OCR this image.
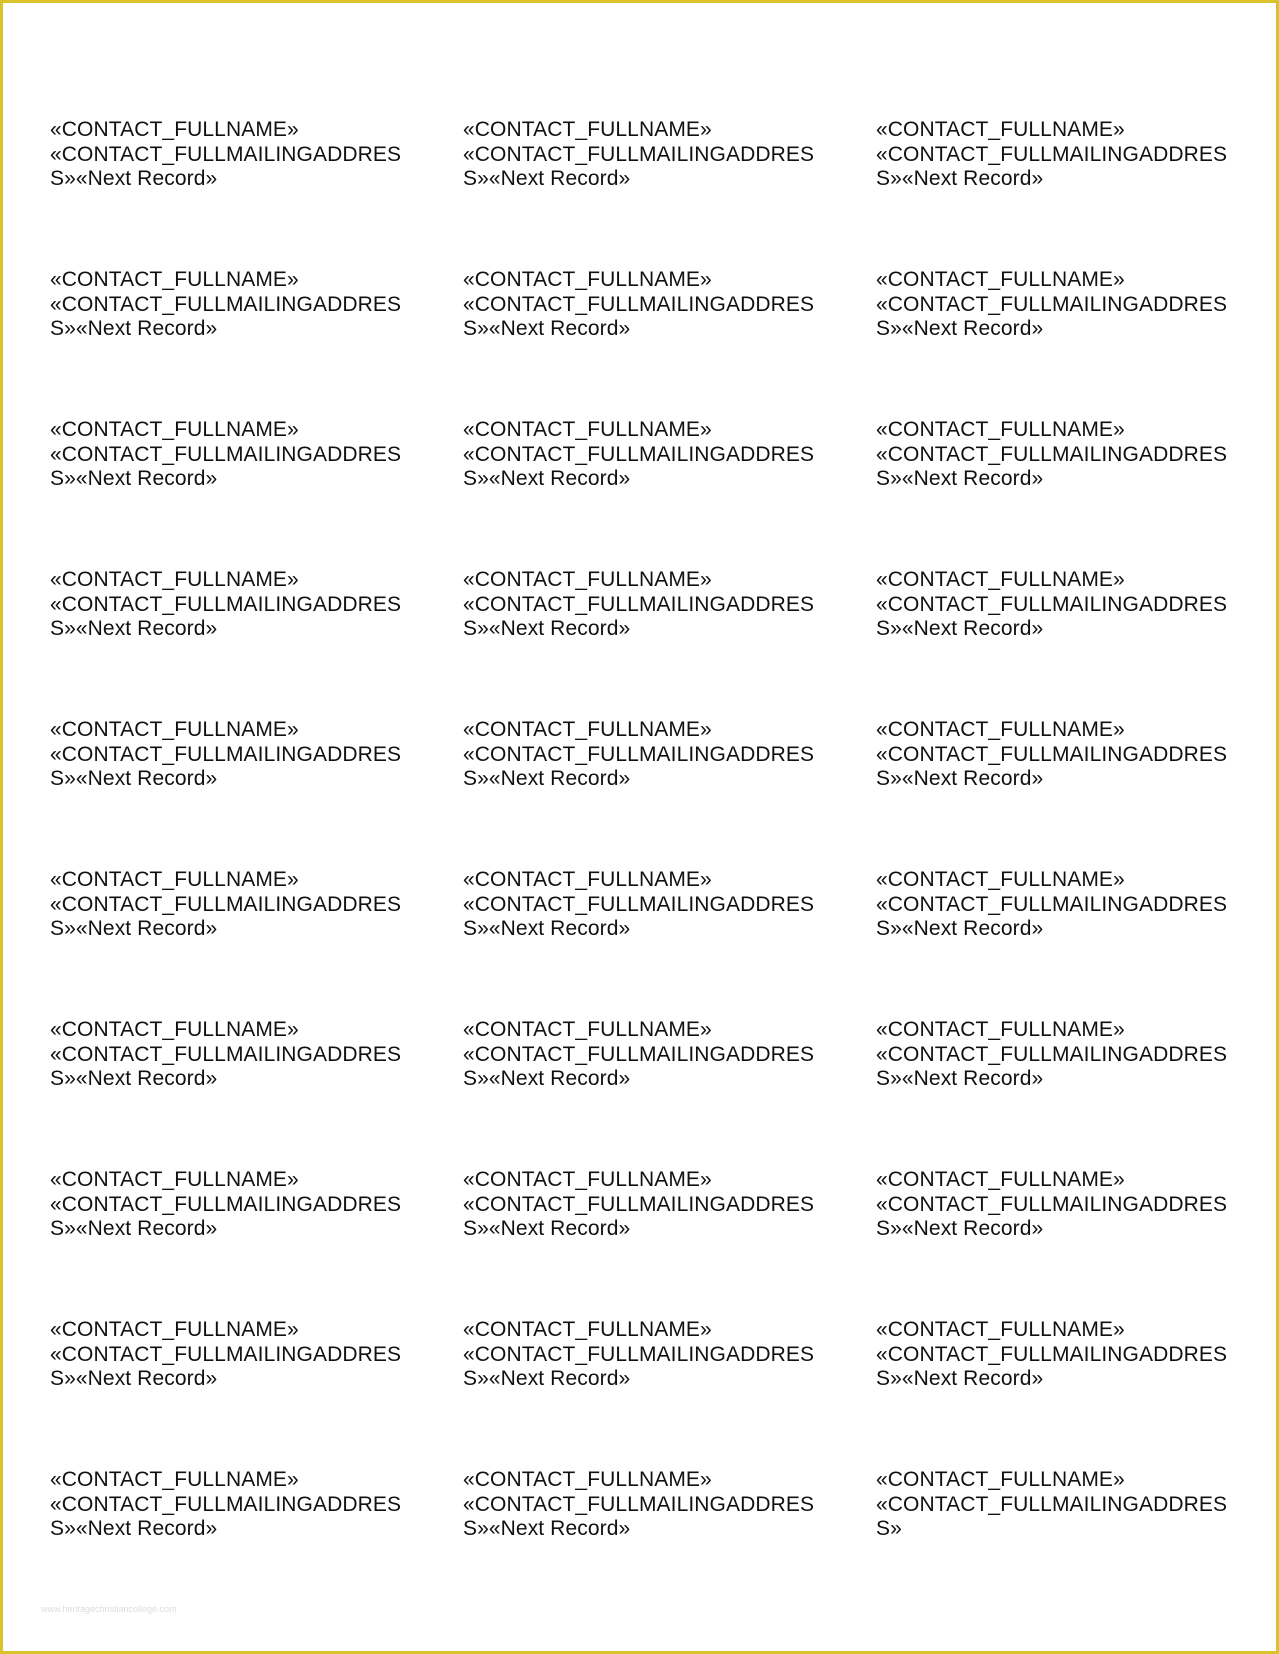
«CONTACT_FULLNAME»
«CONTACT_FULLMAILINGADDRES
S»«Next Record»
«CONTACT_FULLNAME»
«CONTACT_FULLMAILINGADDRES
S»«Next Record»
«CONTACT_FULLNAME»
«CONTACT_FULLMAILINGADDRES
S»«Next Record»
«CONTACT_FULLNAME»
«CONTACT_FULLMAILINGADDRES
S»«Next Record»
«CONTACT_FULLNAME»
«CONTACT_FULLMAILINGADDRES
S»«Next Record»
«CONTACT_FULLNAME»
«CONTACT_FULLMAILINGADDRES
S»«Next Record»
«CONTACT_FULLNAME»
«CONTACT_FULLMAILINGADDRES
S»«Next Record»
«CONTACT_FULLNAME»
«CONTACT_FULLMAILINGADDRES
S»«Next Record»
«CONTACT_FULLNAME»
«CONTACT_FULLMAILINGADDRES
S»«Next Record»
«CONTACT_FULLNAME»
«CONTACT_FULLMAILINGADDRES
S»«Next Record»
«CONTACT_FULLNAME»
«CONTACT_FULLMAILINGADDRES
S»«Next Record»
«CONTACT_FULLNAME»
«CONTACT_FULLMAILINGADDRES
S»«Next Record»
«CONTACT_FULLNAME»
«CONTACT_FULLMAILINGADDRES
S»«Next Record»
«CONTACT_FULLNAME»
«CONTACT_FULLMAILINGADDRES
S»«Next Record»
«CONTACT_FULLNAME»
«CONTACT_FULLMAILINGADDRES
S»«Next Record»
«CONTACT_FULLNAME»
«CONTACT_FULLMAILINGADDRES
S»«Next Record»
«CONTACT_FULLNAME»
«CONTACT_FULLMAILINGADDRES
S»«Next Record»
«CONTACT_FULLNAME»
«CONTACT_FULLMAILINGADDRES
S»«Next Record»
«CONTACT_FULLNAME»
«CONTACT_FULLMAILINGADDRES
S»«Next Record»
«CONTACT_FULLNAME»
«CONTACT_FULLMAILINGADDRES
S»«Next Record»
«CONTACT_FULLNAME»
«CONTACT_FULLMAILINGADDRES
S»«Next Record»
«CONTACT_FULLNAME»
«CONTACT_FULLMAILINGADDRES
S»«Next Record»
«CONTACT_FULLNAME»
«CONTACT_FULLMAILINGADDRES
S»«Next Record»
«CONTACT_FULLNAME»
«CONTACT_FULLMAILINGADDRES
S»«Next Record»
«CONTACT_FULLNAME»
«CONTACT_FULLMAILINGADDRES
S»«Next Record»
«CONTACT_FULLNAME»
«CONTACT_FULLMAILINGADDRES
S»«Next Record»
«CONTACT_FULLNAME»
«CONTACT_FULLMAILINGADDRES
S»«Next Record»
«CONTACT_FULLNAME»
«CONTACT_FULLMAILINGADDRES
S»«Next Record»
«CONTACT_FULLNAME»
«CONTACT_FULLMAILINGADDRES
S»«Next Record»
«CONTACT_FULLNAME»
«CONTACT_FULLMAILINGADDRES
S»
www.heritagechristiancollege.com
